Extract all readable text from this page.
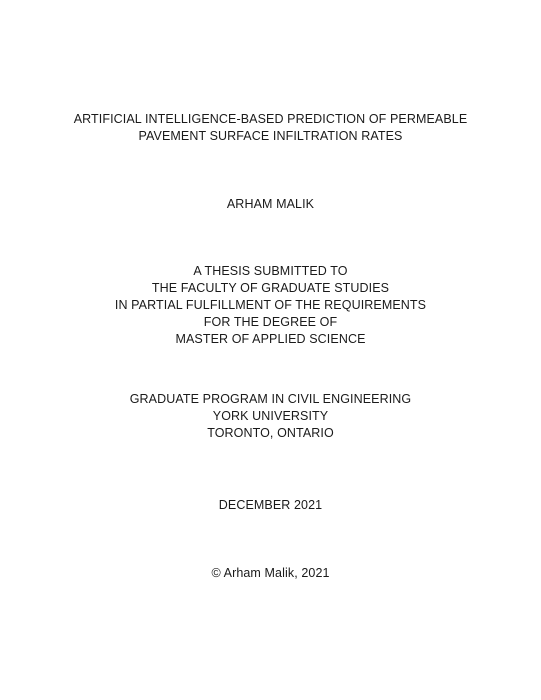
ARTIFICIAL INTELLIGENCE-BASED PREDICTION OF PERMEABLE
PAVEMENT SURFACE INFILTRATION RATES
ARHAM MALIK
A THESIS SUBMITTED TO
THE FACULTY OF GRADUATE STUDIES
IN PARTIAL FULFILLMENT OF THE REQUIREMENTS
FOR THE DEGREE OF
MASTER OF APPLIED SCIENCE
GRADUATE PROGRAM IN CIVIL ENGINEERING
YORK UNIVERSITY
TORONTO, ONTARIO
DECEMBER 2021
© Arham Malik, 2021
